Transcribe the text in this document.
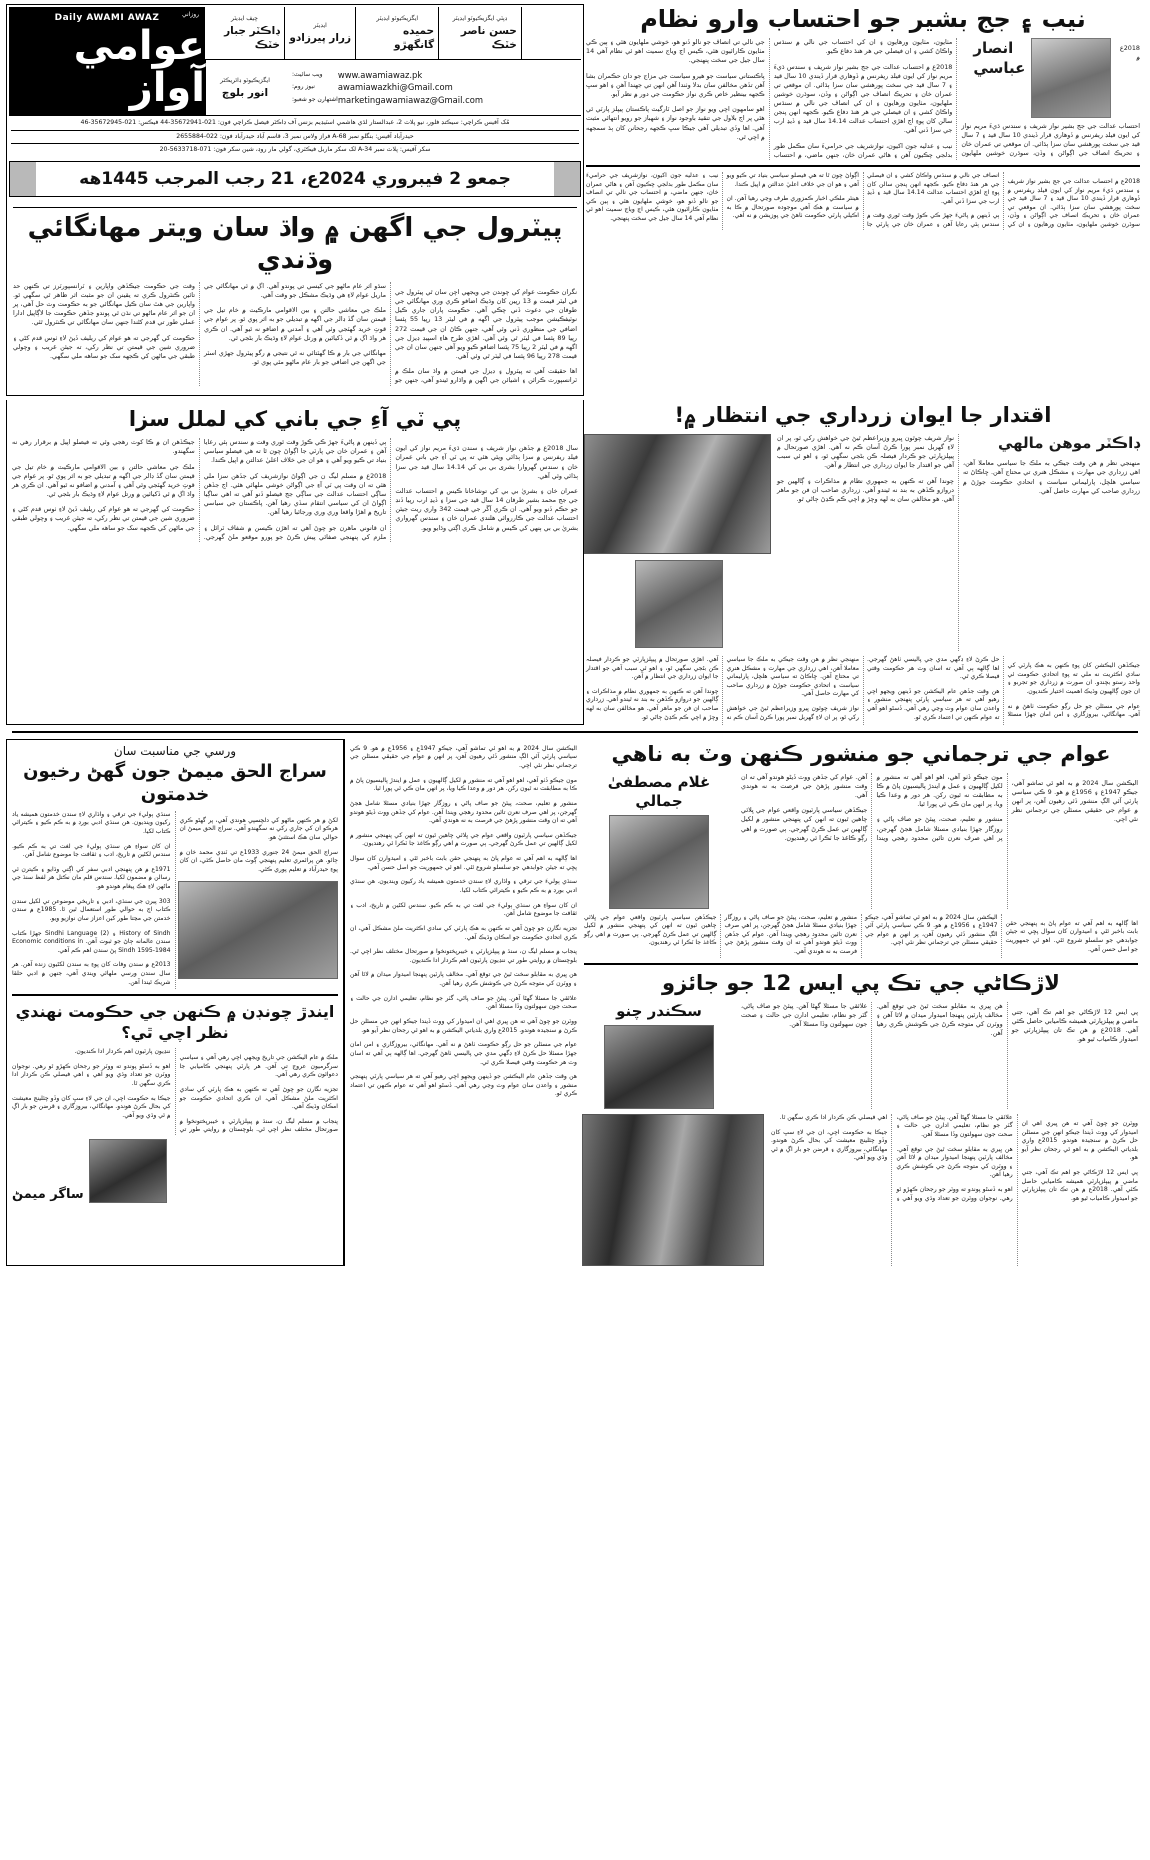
روزاني
Daily AWAMI AWAZ
عوامي آواز
چيف ايڊيٽر
ڊاڪٽر جبار خٽڪ
ايڊيٽر
زرار پيرزادو
ايگزيڪيوٽو ايڊيٽر
حميده گانگهڙو
ڊپٽي ايگزيڪيوٽو ايڊيٽر
حسن ناصر خٽڪ
ايگزيڪيوٽو ڊائريڪٽر
انور بلوچ
ويب سائيٽ:
نيوز روم:
اشتهارن جو شعبو:
www.awamiawaz.pk
awamiawazkhi@Gmail.com
marketingawamiawaz@Gmail.com
مُک آفيس ڪراچي: سيڪنڊ فلور، نيو پلاٽ 2، عبدالستار لڌي هاشمي اسٽيڊيم بزنس آف ڊاڪٽر فيصل ڪراچي فون: 021-35672941-44 فيڪس: 021-35672945-46
حيدرآباد آفيس: بنگلو نمبر A-68 فراز ولاس نمبر 3، قاسم آباد حيدرآباد فون: 022-2655884
سکر آفيس: پلاٽ نمبر A-34 لک سکر ماربل فيڪٽري، گولي مار روڊ، شين سکر فون: 071-5633718-20
جمعو 2 فيبروري 2024ع، 21 رجب المرجب 1445هه
پيٽرول جي اگهن ۾ واڌ سان ويتر مهانگائي وڌندي

نگران حڪومت عوام کي چوندن جي ويجهي اچن سان ٿي پيٽرول جي في ليٽر قيمت ۾ 13 رپين کان وڌيڪ اضافو ڪري وري مهانگائي جي طوفان جي دعوت ڏني چڪي آهي. حڪومت پاران جاري ڪيل نوٽيفڪيشن موجب پيٽرول جي اگهه ۾ في ليٽر 13 رپيا 55 پئسا اضافي جي منظوري ڏني وئي آهي، جنهن ڪاڻ ان جي قيمت 272 رپيا 89 پئسا في ليٽر ٿي وئي آهي. اهڙي طرح هاءِ اسپيڊ ڊيزل جي اگهه ۾ في ليٽر 2 رپيا 75 پئسا اضافو ڪيو ويو آهي جنهن سان ان جي قيمت 278 رپيا 96 پئسا في ليٽر ٿي وئي آهي.

اها حقيقت آهي ته پيٽرول ۽ ڊيزل جي قيمتن ۾ واڌ سان ملڪ ۾ ٽرانسپورٽ ڪرائن ۽ اشيائن جي اگهن ۾ واڌارو ٿيندو آهي، جنهن جو سڌو اثر عام ماڻهو جي کيسي تي پوندو آهي. اڳ ۾ ئي مهانگائي جي ماريل عوام لاءِ هي وڌيڪ مشڪل جو وقت آهي.

ملڪ جي معاشي حالتن ۽ بين الاقوامي مارڪيٽ ۾ خام تيل جي قيمتن سان گڏ ڊالر جي اگهه ۾ تبديلي جو به اثر پوي ٿو. پر عوام جي قوتِ خريد گهٽجي وئي آهي ۽ آمدني ۾ اضافو نه ٿيو آهي. ان ڪري هر واڌ اڳ ۾ ئي ڏکيائين ۾ ورتل عوام لاءِ وڌيڪ بار بڻجي ٿي.

مهانگائي جي بار ۾ ڪا گهٽتائي نه ٿي نتيجي ۾ رگو پيٽرول جهڙي اسٽر جي اگهن جي اضافي جو بار عام ماڻهو مٿي پوي ٿو.

وقت جي حڪومت جيڪڏهن واپارين ۽ ٽرانسپورٽرز تي ڪنهن حد تائين ڪنٽرول ڪري ته يقينن ان جو مثبت اثر ظاهر ٿي سگهي ٿو. واپارين جي هٿ سان ڪيل مهانگائي جو به حڪومت وٽ حل آهي، پر ان جو اثر عام ماڻهو تي نڌن ٿي پوندو جڏهن حڪومت جا لاڳاپيل ادارا عملي طور تي قدم کڻندا جنهن سان مهانگائي تي ڪنٽرول ٿئي.

حڪومت کي گهرجي ته هو عوام کي ريليف ڏيڻ لاءِ ٺوس قدم کڻي ۽ ضروري شين جي قيمتن تي نظر رکي، ته جيئن غريب ۽ وچولي طبقي جي ماڻهن کي ڪجهه سک جو ساهه ملي سگهي.

نيب ۽ جج بشير جو احتساب وارو نظام
انصار عباسي

2018ع ۾ احتساب عدالت جي جج بشير نواز شريف ۽ سندس ڌيءَ مريم نواز کي ايون فيلڊ ريفرنس ۾ ڏوهاري قرار ڏيندي 10 سال قيد ۽ 7 سال قيد جي سخت پورهشي سان سزا ٻڌائي. ان موقعي تي عمران خان ۽ تحريڪ انصاف جي اڳواڻن ۽ وڏن، سوڌرن خوشين ملهايون مٺايون، مٺايون ورهايون ۽ ان کي احتساب جي نالي ۾ سنڌس واڪاڻ کشي ۽ ان فيصلي جي هر هنڌ دفاع ڪيو.

2018ع ۾ احتساب عدالت جي جج بشير نواز شريف ۽ سندس ڌيءَ مريم نواز کي ايون فيلڊ ريفرنس ۾ ڏوهاري قرار ڏيندي 10 سال قيد ۽ 7 سال قيد جي سخت پورهشي سان سزا ٻڌائي. ان موقعي تي عمران خان ۽ تحريڪ انصاف جي اڳواڻن ۽ وڏن، سوڌرن خوشين ملهايون، مٺايون ورهايون ۽ ان کي انصاف جي نالي ۾ سنڌس واڪاڻ کشي ۽ ان فيصلي جي هر هنڌ دفاع ڪيو. ڪجهه انهن پنجن سالن کان پوءِ اڄ اهڙي احتساب عدالت 14.14 سال قيد ۽ ڏيڍ ارب جي سزا ڏني آهي.

نيب ۽ عدليه جون اکيون، نوازشريف جي حراميءَ سان مڪمل طور بدلجي چڪيون آهن ۽ هاڻي عمران خان، جنهن ماضي، ۾ احتساب جي نالي تي انصاف جو نالو ڏنو هو، خوشي ملهايون هئي ۽ ٻين ڪي مٺايون ڪارائيون هئي، ڪيس اڄ وياج سميت اهو ئي نظام آهي 14 سال جيل جي سخت پنهنجي.

پاڪستاني سياست جو هيرو سياست جي مزاج جو دان حڪمران بشا آهن تڏهن مخالفن سان بدلا وٺندا آهن انهن تي جهندا آهن ۽ اهو سڀ ڪجهه بينظير خاص ڪري نواز حڪومت جي دور ۾ نظر آيو.

اهو سامهون اچي ويو نواز جو اصل ٽارگيٽ پاڪستان پيپلز پارٽي ٿي هئي پر اڄ بلاول جي تنقيد باوجود نواز ۽ شهباز جو رويو انتهائي مثبت آهي. اها وڏي تبديلي آهي جيڪا سڀ ڪجهه رجحانن کان ٻڌ سمجهه ۾ اچي ٿي.

2018ع ۾ احتساب عدالت جي جج بشير نواز شريف ۽ سندس ڌيءَ مريم نواز کي ايون فيلڊ ريفرنس ۾ ڏوهاري قرار ڏيندي 10 سال قيد ۽ 7 سال قيد جي سخت پورهشي سان سزا ٻڌائي. ان موقعي تي عمران خان ۽ تحريڪ انصاف جي اڳواڻن ۽ وڏن، سوڌرن خوشين ملهايون، مٺايون ورهايون ۽ ان کي انصاف جي نالي ۾ سنڌس واڪاڻ کشي ۽ ان فيصلي جي هر هنڌ دفاع ڪيو. ڪجهه انهن پنجن سالن کان پوءِ اڄ اهڙي احتساب عدالت 14.14 سال قيد ۽ ڏيڍ ارب جي سزا ڏني آهي.

ٻي ڏينهن ۾ پاڻيءَ جهڙ ڪي ڪوڙ وقت ٿوري وقت ۾ سندس ٻئي رعايا آهن ۽ عمران خان جي پارٽي جا اڳواڻ چون ٿا ته هي فيصلو سياسي بنياد تي ڪيو ويو آهي ۽ هو ان جي خلاف اعليٰ عدالتن ۾ اپيل ڪندا.

هينئر ملڪي اخبار ڪمزوري طرف وڃي رهيا آهن. ان ۾ سياست ۾ هڪ آهي موجوده صورتحال ۾ ڪا به اڪيلي پارٽي حڪومت ٺاهڻ جي پوزيشن ۾ نه آهي.

نيب ۽ عدليه جون اکيون، نوازشريف جي حراميءَ سان مڪمل طور بدلجي چڪيون آهن ۽ هاڻي عمران خان، جنهن ماضي، ۾ احتساب جي نالي تي انصاف جو نالو ڏنو هو، خوشي ملهايون هئي ۽ ٻين ڪي مٺايون ڪارائيون هئي، ڪيس اڄ وياج سميت اهو ئي نظام آهي 14 سال جيل جي سخت پنهنجي.

پي ٽي آءِ جي باني کي لملل سزا

سال 2018ع ۾ جڏهن نواز شريف ۽ سندن ڌيءَ مريم نواز کي ايون فيلڊ ريفرنس ۾ سزا ٻڌائي ويئي هئي ته پي ٽي آءِ جي باني عمران خان ۽ سندس گهروارا بشرى بي بي کي 14.14 سال قيد جي سزا ٻڌائي وئي آهي.

عمران خان ۽ بشريٰ بي بي کي توشاخانا ڪيس ۾ احتساب عدالت جي جج محمد بشير طرفان 14 سال قيد جي سزا ۽ ڏيڍ ارب رپيا ڏنڊ جو حڪم ڏنو ويو آهي. ان ڪري آڱر جي قيمت 342 واري ريت جيئن احتساب عدالت جي ڪارروائي هلندي عمران خان ۽ سندس گهرواري بشريٰ بي بي ٻنهي کي ڪيس ۾ شامل ڪري اڳتي وڌايو ويو.

ٻي ڏينهن ۾ پاڻيءَ جهڙ ڪي ڪوڙ وقت ٿوري وقت ۾ سندس ٻئي رعايا آهن ۽ عمران خان جي پارٽي جا اڳواڻ چون ٿا ته هي فيصلو سياسي بنياد تي ڪيو ويو آهي ۽ هو ان جي خلاف اعليٰ عدالتن ۾ اپيل ڪندا.

2018ع ۾ مسلم ليگ ن جي اڳواڻ نوازشريف کي جڏهن سزا ملي هئي ته ان وقت پي ٽي آءِ جي اڳواڻن خوشي ملهائي هئي. اڄ جڏهن ساڳي احتساب عدالت جي ساڳي جج فيصلو ڏنو آهي ته اهي ساڳيا اڳواڻ ان کي سياسي انتقام سڏي رهيا آهن. پاڪستان جي سياسي تاريخ ۾ اهڙا واقعا وري وري ورجائبا رهيا آهن.

ان قانوني ماهرن جو چوڻ آهي ته اهڙن ڪيسن ۾ شفاف ٽرائل ۽ ملزم کي پنهنجي صفائي پيش ڪرڻ جو پورو موقعو ملڻ گهرجي. جيڪڏهن ان ۾ ڪا کوٽ رهجي وئي ته فيصلو اپيل ۾ برقرار رهي نه سگهندو.

ملڪ جي معاشي حالتن ۽ بين الاقوامي مارڪيٽ ۾ خام تيل جي قيمتن سان گڏ ڊالر جي اگهه ۾ تبديلي جو به اثر پوي ٿو. پر عوام جي قوتِ خريد گهٽجي وئي آهي ۽ آمدني ۾ اضافو نه ٿيو آهي. ان ڪري هر واڌ اڳ ۾ ئي ڏکيائين ۾ ورتل عوام لاءِ وڌيڪ بار بڻجي ٿي.

حڪومت کي گهرجي ته هو عوام کي ريليف ڏيڻ لاءِ ٺوس قدم کڻي ۽ ضروري شين جي قيمتن تي نظر رکي، ته جيئن غريب ۽ وچولي طبقي جي ماڻهن کي ڪجهه سک جو ساهه ملي سگهي.

اقتدار جا ايوان زرداري جي انتظار ۾!
ڊاڪٽر موهن مالهي

منهنجي نظر ۾ هن وقت جيڪي به ملڪ جا سياسي معاملا آهن، اهي زرداري جي مهارت ۽ مشڪل هنري تي محتاج آهن. ڇاڪاڻ ته سياسي هلچل، پارليماني سياست ۽ اتحادي حڪومت جوڙڻ ۾ زرداري صاحب کي مهارت حاصل آهي.

نواز شريف چوٿون ڀيرو وزيراعظم ٿيڻ جي خواهش رکي ٿو، پر ان لاءِ گهربل نمبر پورا ڪرڻ آسان ڪم نه آهي. اهڙي صورتحال ۾ پيپلزپارٽي جو ڪردار فيصلہ ڪن بڻجي سگهي ٿو، ۽ اهو ئي سبب آهي جو اقتدار جا ايوان زرداري جي انتظار ۾ آهن.

چوندا آهن ته ڪنهن به جمهوري نظام ۾ مذاڪرات ۽ ڳالهين جو دروازو ڪڏهن به بند نه ٿيندو آهي. زرداري صاحب ان فن جو ماهر آهي. هو مخالفن سان به لهه وچڙ ۾ اچي ڪم ڪڍڻ ڄاڻي ٿو.

جيڪڏهن اليڪشن کان پوءِ ڪنهن به هڪ پارٽي کي سادي اڪثريت نه ملي ته پوءِ اتحادي حڪومت ئي واحد رستو بچندو. ان صورت ۾ زرداري جو تجربو ۽ ان جون ڳالهيون وڌيڪ اهميت اختيار ڪنديون.

عوام جي مسئلن جو حل رڳو حڪومت ٺاهڻ ۾ نه آهي. مهانگائي، بيروزگاري ۽ امن امان جهڙا مسئلا حل ڪرڻ لاءِ ڊگهي مدي جي پاليسي ٺاهڻ گهرجي. اها ڳالهه ٻي آهي ته اسان وٽ هر حڪومت وقتي فيصلا ڪري ٿي.

هن وقت جڏهن عام اليڪشن جو ڏينهن ويجهو اچي رهيو آهي ته هر سياسي پارٽي پنهنجي منشور ۽ واعدن سان عوام وٽ وڃي رهي آهي. ڏسڻو اهو آهي ته عوام ڪنهن تي اعتماد ڪري ٿو.

منهنجي نظر ۾ هن وقت جيڪي به ملڪ جا سياسي معاملا آهن، اهي زرداري جي مهارت ۽ مشڪل هنري تي محتاج آهن. ڇاڪاڻ ته سياسي هلچل، پارليماني سياست ۽ اتحادي حڪومت جوڙڻ ۾ زرداري صاحب کي مهارت حاصل آهي.

نواز شريف چوٿون ڀيرو وزيراعظم ٿيڻ جي خواهش رکي ٿو، پر ان لاءِ گهربل نمبر پورا ڪرڻ آسان ڪم نه آهي. اهڙي صورتحال ۾ پيپلزپارٽي جو ڪردار فيصلہ ڪن بڻجي سگهي ٿو، ۽ اهو ئي سبب آهي جو اقتدار جا ايوان زرداري جي انتظار ۾ آهن.

چوندا آهن ته ڪنهن به جمهوري نظام ۾ مذاڪرات ۽ ڳالهين جو دروازو ڪڏهن به بند نه ٿيندو آهي. زرداري صاحب ان فن جو ماهر آهي. هو مخالفن سان به لهه وچڙ ۾ اچي ڪم ڪڍڻ ڄاڻي ٿو.

ورسي جي مناسبت سان
سراج الحق ميمڻ جون گهڻ رخيون خدمتون

لکڻ ۾ هر ڪنهن ماڻهو کي دلچسپي هوندي آهي، پر گهڻو ڪري هرڪو ان کي جاري رکي نه سگهندو آهي. سراج الحق ميمڻ ان حوالي سان هڪ استثنيٰ هو.

سراج الحق ميمڻ 24 جنوري 1933ع تي ٽنڊي محمد خان ۾ ڄائو. هن پرائمري تعليم پنهنجي ڳوٺ مان حاصل ڪئي، ان کان پوءِ حيدرآباد ۾ تعليم پوري ڪئي.

سنڌي ٻوليءَ جي ترقي ۽ واڌاري لاءِ سندن خدمتون هميشه ياد رکيون وينديون. هن سنڌي ادبي بورڊ ۾ به ڪم ڪيو ۽ ڪيترائي ڪتاب لکيا.

ان کان سواءِ هن سنڌي ٻوليءَ جي لغت تي به ڪم ڪيو. سندس لکڻين ۾ تاريخ، ادب ۽ ثقافت جا موضوع شامل آهن.

1971ع ۾ هن پنهنجي ادبي سفر کي اڳتي وڌايو ۽ ڪيترن ئي رسالن ۾ مضمون لکيا. سندس قلم مان نڪتل هر لفظ سنڌ جي ماڻهن لاءِ هڪ پيغام هوندو هو.

303 پيرن جي سنڌي، ادبي ۽ تاريخي موضوعن تي لکيل سندن ڪتاب اڄ به حوالي طور استعمال ٿين ٿا. 1985ع ۾ سندن خدمتن جي مڃتا طور کين اعزاز سان نوازيو ويو.

History of Sindh ۽ Sindhi Language (2) جهڙا ڪتاب سندن عالمانه ڄاڻ جو ثبوت آهن. Economic conditions in Sindh 1595-1984 پڻ سندن اهم ڪم آهي.

2013ع ۾ سندن وفات کان پوءِ به سندن لکڻيون زنده آهن. هر سال سندن ورسي ملهائي ويندي آهي، جنهن ۾ ادبي حلقا شريڪ ٿيندا آهن.

ايندڙ چونڊن ۾ ڪنهن جي حڪومت نهندي نظر اچي ٿي؟

ملڪ ۾ عام اليڪشن جي تاريخ ويجهي اچي رهي آهي ۽ سياسي سرگرميون عروج تي آهن. هر پارٽي پنهنجي ڪاميابي جا دعوائون ڪري رهي آهي.

تجزيه نگارن جو چوڻ آهي ته ڪنهن به هڪ پارٽي کي سادي اڪثريت ملڻ مشڪل آهي، ان ڪري اتحادي حڪومت جو امڪان وڌيڪ آهي.

پنجاب ۾ مسلم ليگ ن، سنڌ ۾ پيپلزپارٽي ۽ خيبرپختونخوا ۾ صورتحال مختلف نظر اچي ٿي. بلوچستان ۾ روايتي طور تي ننڍيون پارٽيون اهم ڪردار ادا ڪنديون.

اهو به ڏسڻو پوندو ته ووٽر جو رجحان ڪهڙو ٿو رهي. نوجوان ووٽرن جو تعداد وڌي ويو آهي ۽ اهي فيصلي ڪن ڪردار ادا ڪري سگهن ٿا.

جيڪا به حڪومت اچي، ان جي لاءِ سڀ کان وڏو چئلينج معيشت کي بحال ڪرڻ هوندو. مهانگائي، بيروزگاري ۽ قرضن جو بار اڳ ۾ ئي وڌي ويو آهي.

ساگر ميمڻ

اليڪشن سال 2024 ۾ به اهو ئي تماشو آهي، جيڪو 1947ع ۽ 1956ع ۾ هو. 9 ڪي سياسي پارٽي آئي الڳ منشور ڏئي رهيون آهن، پر انهن ۾ عوام جي حقيقي مسئلن جي ترجماني نظر نٿي اچي.

مون جيڪو ڏٺو آهي، اهو اهو آهي ته منشور ۾ لکيل ڳالهيون ۽ عمل ۾ ايندڙ پاليسيون پاڻ ۾ ڪا به مطابقت نه ٿيون رکن. هر دور ۾ وعدا ڪيا ويا، پر انهن مان ڪي ئي پورا ٿيا.

منشور ۾ تعليم، صحت، پيئڻ جو صاف پاڻي ۽ روزگار جهڙا بنيادي مسئلا شامل هجڻ گهرجن، پر اهي صرف نعرن تائين محدود رهجي ويندا آهن. عوام کي جڏهن ووٽ ڏيڻو هوندو آهي ته ان وقت منشور پڙهڻ جي فرصت به نه هوندي آهي.

جيڪڏهن سياسي پارٽيون واقعي عوام جي ڀلائي چاهين ٿيون ته انهن کي پنهنجي منشور ۾ لکيل ڳالهين تي عمل ڪرڻ گهرجي. ٻي صورت ۾ اهي رڳو ڪاغذ جا ٽڪرا ئي رهنديون.

اها ڳالهه به اهم آهي ته عوام پاڻ به پنهنجي حقن بابت باخبر ٿئي ۽ اميدوارن کان سوال پڇي ته جيئن جوابدهي جو سلسلو شروع ٿئي. اهو ئي جمهوريت جو اصل حسن آهي.

سنڌي ٻوليءَ جي ترقي ۽ واڌاري لاءِ سندن خدمتون هميشه ياد رکيون وينديون. هن سنڌي ادبي بورڊ ۾ به ڪم ڪيو ۽ ڪيترائي ڪتاب لکيا.

ان کان سواءِ هن سنڌي ٻوليءَ جي لغت تي به ڪم ڪيو. سندس لکڻين ۾ تاريخ، ادب ۽ ثقافت جا موضوع شامل آهن.

تجزيه نگارن جو چوڻ آهي ته ڪنهن به هڪ پارٽي کي سادي اڪثريت ملڻ مشڪل آهي، ان ڪري اتحادي حڪومت جو امڪان وڌيڪ آهي.

پنجاب ۾ مسلم ليگ ن، سنڌ ۾ پيپلزپارٽي ۽ خيبرپختونخوا ۾ صورتحال مختلف نظر اچي ٿي. بلوچستان ۾ روايتي طور تي ننڍيون پارٽيون اهم ڪردار ادا ڪنديون.

هن ڀيري به مقابلو سخت ٿيڻ جي توقع آهي. مخالف پارٽين پنهنجا اميدوار ميدان ۾ لاٿا آهن ۽ ووٽرن کي متوجه ڪرڻ جي ڪوشش ڪري رهيا آهن.

علائقي جا مسئلا گهڻا آهن. پيئڻ جو صاف پاڻي، گٽر جو نظام، تعليمي ادارن جي حالت ۽ صحت جون سهولتون وڏا مسئلا آهن.

ووٽرن جو چوڻ آهي ته هن ڀيري اهي ان اميدوار کي ووٽ ڏيندا جيڪو انهن جي مسئلن حل ڪرڻ ۾ سنجيده هوندو. 2015ع واري بلدياتي اليڪشن ۾ به اهو ئي رجحان نظر آيو هو.

عوام جي مسئلن جو حل رڳو حڪومت ٺاهڻ ۾ نه آهي. مهانگائي، بيروزگاري ۽ امن امان جهڙا مسئلا حل ڪرڻ لاءِ ڊگهي مدي جي پاليسي ٺاهڻ گهرجي. اها ڳالهه ٻي آهي ته اسان وٽ هر حڪومت وقتي فيصلا ڪري ٿي.

هن وقت جڏهن عام اليڪشن جو ڏينهن ويجهو اچي رهيو آهي ته هر سياسي پارٽي پنهنجي منشور ۽ واعدن سان عوام وٽ وڃي رهي آهي. ڏسڻو اهو آهي ته عوام ڪنهن تي اعتماد ڪري ٿو.

عوام جي ترجماني جو منشور ڪنهن وٽ به ناهي
غلام مصطفیٰ جمالي

اليڪشن سال 2024 ۾ به اهو ئي تماشو آهي، جيڪو 1947ع ۽ 1956ع ۾ هو. 9 ڪي سياسي پارٽي آئي الڳ منشور ڏئي رهيون آهن، پر انهن ۾ عوام جي حقيقي مسئلن جي ترجماني نظر نٿي اچي.

مون جيڪو ڏٺو آهي، اهو اهو آهي ته منشور ۾ لکيل ڳالهيون ۽ عمل ۾ ايندڙ پاليسيون پاڻ ۾ ڪا به مطابقت نه ٿيون رکن. هر دور ۾ وعدا ڪيا ويا، پر انهن مان ڪي ئي پورا ٿيا.

منشور ۾ تعليم، صحت، پيئڻ جو صاف پاڻي ۽ روزگار جهڙا بنيادي مسئلا شامل هجڻ گهرجن، پر اهي صرف نعرن تائين محدود رهجي ويندا آهن. عوام کي جڏهن ووٽ ڏيڻو هوندو آهي ته ان وقت منشور پڙهڻ جي فرصت به نه هوندي آهي.

جيڪڏهن سياسي پارٽيون واقعي عوام جي ڀلائي چاهين ٿيون ته انهن کي پنهنجي منشور ۾ لکيل ڳالهين تي عمل ڪرڻ گهرجي. ٻي صورت ۾ اهي رڳو ڪاغذ جا ٽڪرا ئي رهنديون.

اها ڳالهه به اهم آهي ته عوام پاڻ به پنهنجي حقن بابت باخبر ٿئي ۽ اميدوارن کان سوال پڇي ته جيئن جوابدهي جو سلسلو شروع ٿئي. اهو ئي جمهوريت جو اصل حسن آهي.

اليڪشن سال 2024 ۾ به اهو ئي تماشو آهي، جيڪو 1947ع ۽ 1956ع ۾ هو. 9 ڪي سياسي پارٽي آئي الڳ منشور ڏئي رهيون آهن، پر انهن ۾ عوام جي حقيقي مسئلن جي ترجماني نظر نٿي اچي.

منشور ۾ تعليم، صحت، پيئڻ جو صاف پاڻي ۽ روزگار جهڙا بنيادي مسئلا شامل هجڻ گهرجن، پر اهي صرف نعرن تائين محدود رهجي ويندا آهن. عوام کي جڏهن ووٽ ڏيڻو هوندو آهي ته ان وقت منشور پڙهڻ جي فرصت به نه هوندي آهي.

جيڪڏهن سياسي پارٽيون واقعي عوام جي ڀلائي چاهين ٿيون ته انهن کي پنهنجي منشور ۾ لکيل ڳالهين تي عمل ڪرڻ گهرجي. ٻي صورت ۾ اهي رڳو ڪاغذ جا ٽڪرا ئي رهنديون.

لاڙڪاڻي جي تڪ پي ايس 12 جو جائزو
سڪندر چنو	پي ايس 12 لاڙڪاڻي جو اهم تڪ آهي، جتي ماضي ۾ پيپلزپارٽي هميشه ڪاميابي حاصل ڪئي آهي. 2018ع ۾ هن تڪ تان پيپلزپارٽي جو اميدوار ڪامياب ٿيو هو.

هن ڀيري به مقابلو سخت ٿيڻ جي توقع آهي. مخالف پارٽين پنهنجا اميدوار ميدان ۾ لاٿا آهن ۽ ووٽرن کي متوجه ڪرڻ جي ڪوشش ڪري رهيا آهن.

علائقي جا مسئلا گهڻا آهن. پيئڻ جو صاف پاڻي، گٽر جو نظام، تعليمي ادارن جي حالت ۽ صحت جون سهولتون وڏا مسئلا آهن.

ووٽرن جو چوڻ آهي ته هن ڀيري اهي ان اميدوار کي ووٽ ڏيندا جيڪو انهن جي مسئلن حل ڪرڻ ۾ سنجيده هوندو. 2015ع واري بلدياتي اليڪشن ۾ به اهو ئي رجحان نظر آيو هو.

پي ايس 12 لاڙڪاڻي جو اهم تڪ آهي، جتي ماضي ۾ پيپلزپارٽي هميشه ڪاميابي حاصل ڪئي آهي. 2018ع ۾ هن تڪ تان پيپلزپارٽي جو اميدوار ڪامياب ٿيو هو.

علائقي جا مسئلا گهڻا آهن. پيئڻ جو صاف پاڻي، گٽر جو نظام، تعليمي ادارن جي حالت ۽ صحت جون سهولتون وڏا مسئلا آهن.

هن ڀيري به مقابلو سخت ٿيڻ جي توقع آهي. مخالف پارٽين پنهنجا اميدوار ميدان ۾ لاٿا آهن ۽ ووٽرن کي متوجه ڪرڻ جي ڪوشش ڪري رهيا آهن.

اهو به ڏسڻو پوندو ته ووٽر جو رجحان ڪهڙو ٿو رهي. نوجوان ووٽرن جو تعداد وڌي ويو آهي ۽ اهي فيصلي ڪن ڪردار ادا ڪري سگهن ٿا.

جيڪا به حڪومت اچي، ان جي لاءِ سڀ کان وڏو چئلينج معيشت کي بحال ڪرڻ هوندو. مهانگائي، بيروزگاري ۽ قرضن جو بار اڳ ۾ ئي وڌي ويو آهي.
